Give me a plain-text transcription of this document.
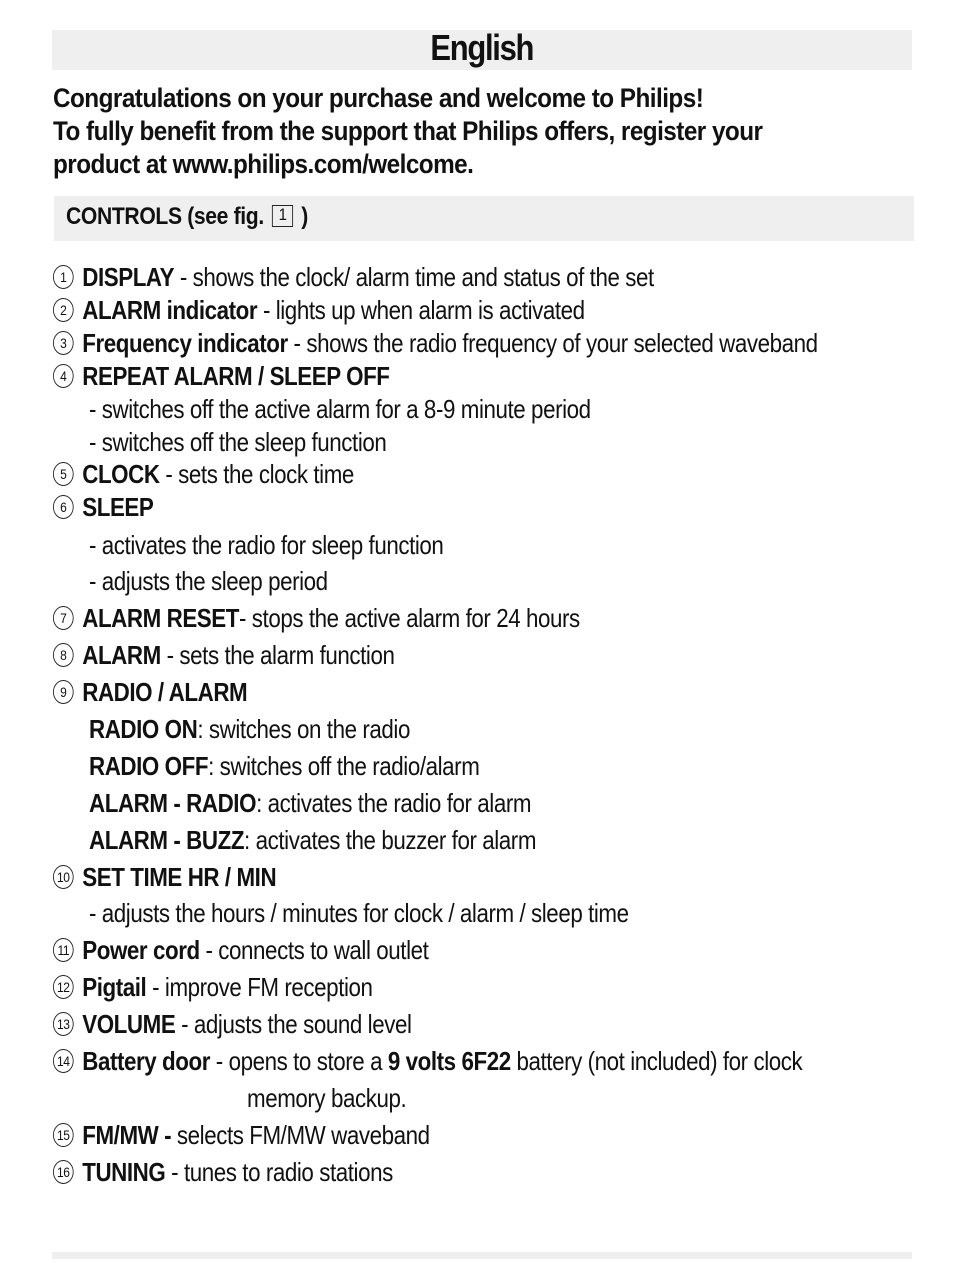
English
Congratulations on your purchase and welcome to Philips!
To fully benefit from the support that Philips offers, register your
product at www.philips.com/welcome.
CONTROLS (see fig. 1 )
1 DISPLAY - shows the clock/ alarm time and status of the set
2 ALARM indicator - lights up when alarm is activated
3 Frequency indicator - shows the radio frequency of your selected waveband
4 REPEAT ALARM / SLEEP OFF
- switches off the active alarm for a 8-9 minute period
- switches off the sleep function
5 CLOCK - sets the clock time
6 SLEEP
- activates the radio for sleep function
- adjusts the sleep period
7 ALARM RESET- stops the active alarm for 24 hours
8 ALARM - sets the alarm function
9 RADIO / ALARM
RADIO ON: switches on the radio
RADIO OFF: switches off the radio/alarm
ALARM - RADIO: activates the radio for alarm
ALARM - BUZZ: activates the buzzer for alarm
10 SET TIME HR / MIN
- adjusts the hours / minutes for clock / alarm / sleep time
11 Power cord - connects to wall outlet
12 Pigtail - improve FM reception
13 VOLUME - adjusts the sound level
14 Battery door - opens to store a 9 volts 6F22 battery (not included) for clock
memory backup.
15 FM/MW - selects FM/MW waveband
16 TUNING - tunes to radio stations
